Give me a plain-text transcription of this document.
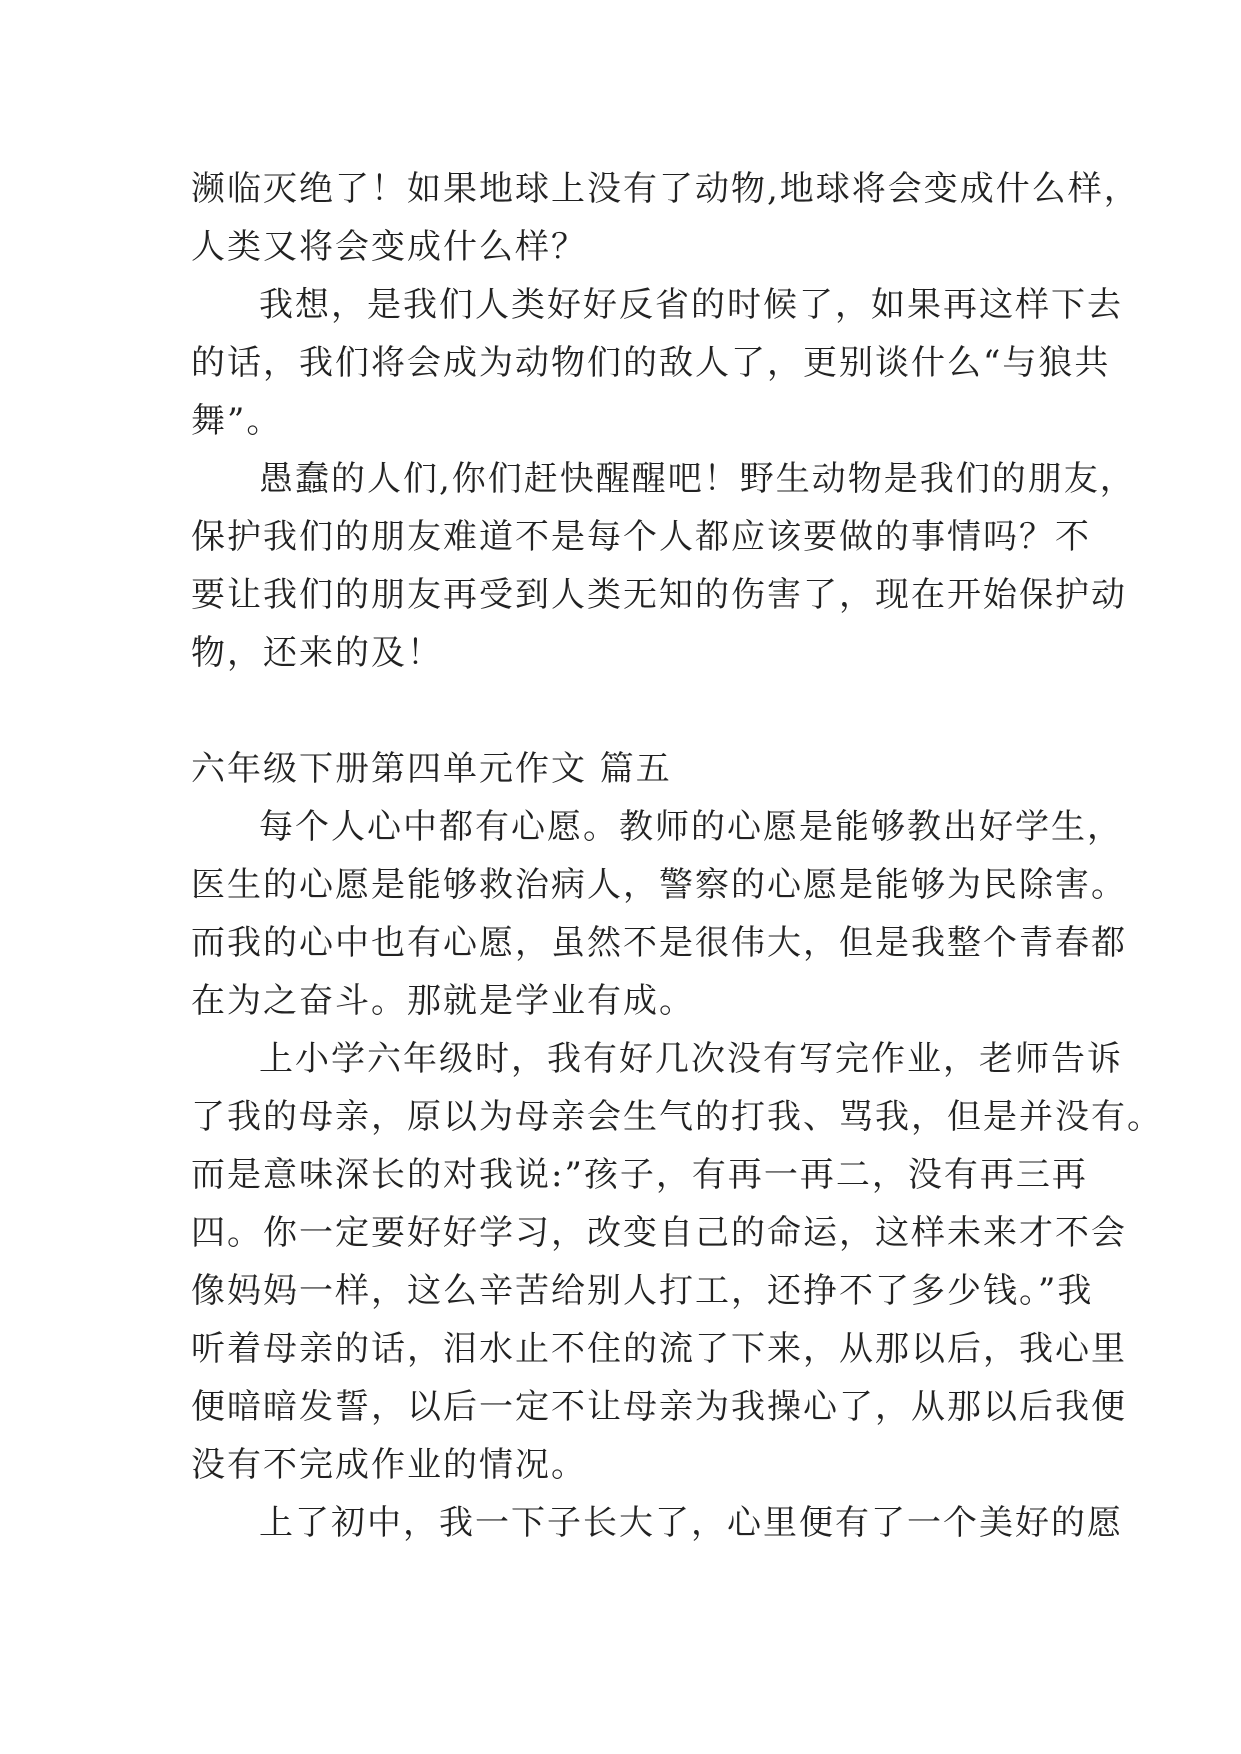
濒临灭绝了！如果地球上没有了动物,地球将会变成什么样，
人类又将会变成什么样？
我想，是我们人类好好反省的时候了，如果再这样下去
的话，我们将会成为动物们的敌人了，更别谈什么“与狼共
舞”。
愚蠢的人们,你们赶快醒醒吧！野生动物是我们的朋友，
保护我们的朋友难道不是每个人都应该要做的事情吗？不
要让我们的朋友再受到人类无知的伤害了，现在开始保护动
物，还来的及！
六年级下册第四单元作文 篇五
每个人心中都有心愿。教师的心愿是能够教出好学生，
医生的心愿是能够救治病人，警察的心愿是能够为民除害。
而我的心中也有心愿，虽然不是很伟大，但是我整个青春都
在为之奋斗。那就是学业有成。
上小学六年级时，我有好几次没有写完作业，老师告诉
了我的母亲，原以为母亲会生气的打我、骂我，但是并没有。
而是意味深长的对我说:”孩子，有再一再二，没有再三再
四。你一定要好好学习，改变自己的命运，这样未来才不会
像妈妈一样，这么辛苦给别人打工，还挣不了多少钱。”我
听着母亲的话，泪水止不住的流了下来，从那以后，我心里
便暗暗发誓，以后一定不让母亲为我操心了，从那以后我便
没有不完成作业的情况。
上了初中，我一下子长大了，心里便有了一个美好的愿
